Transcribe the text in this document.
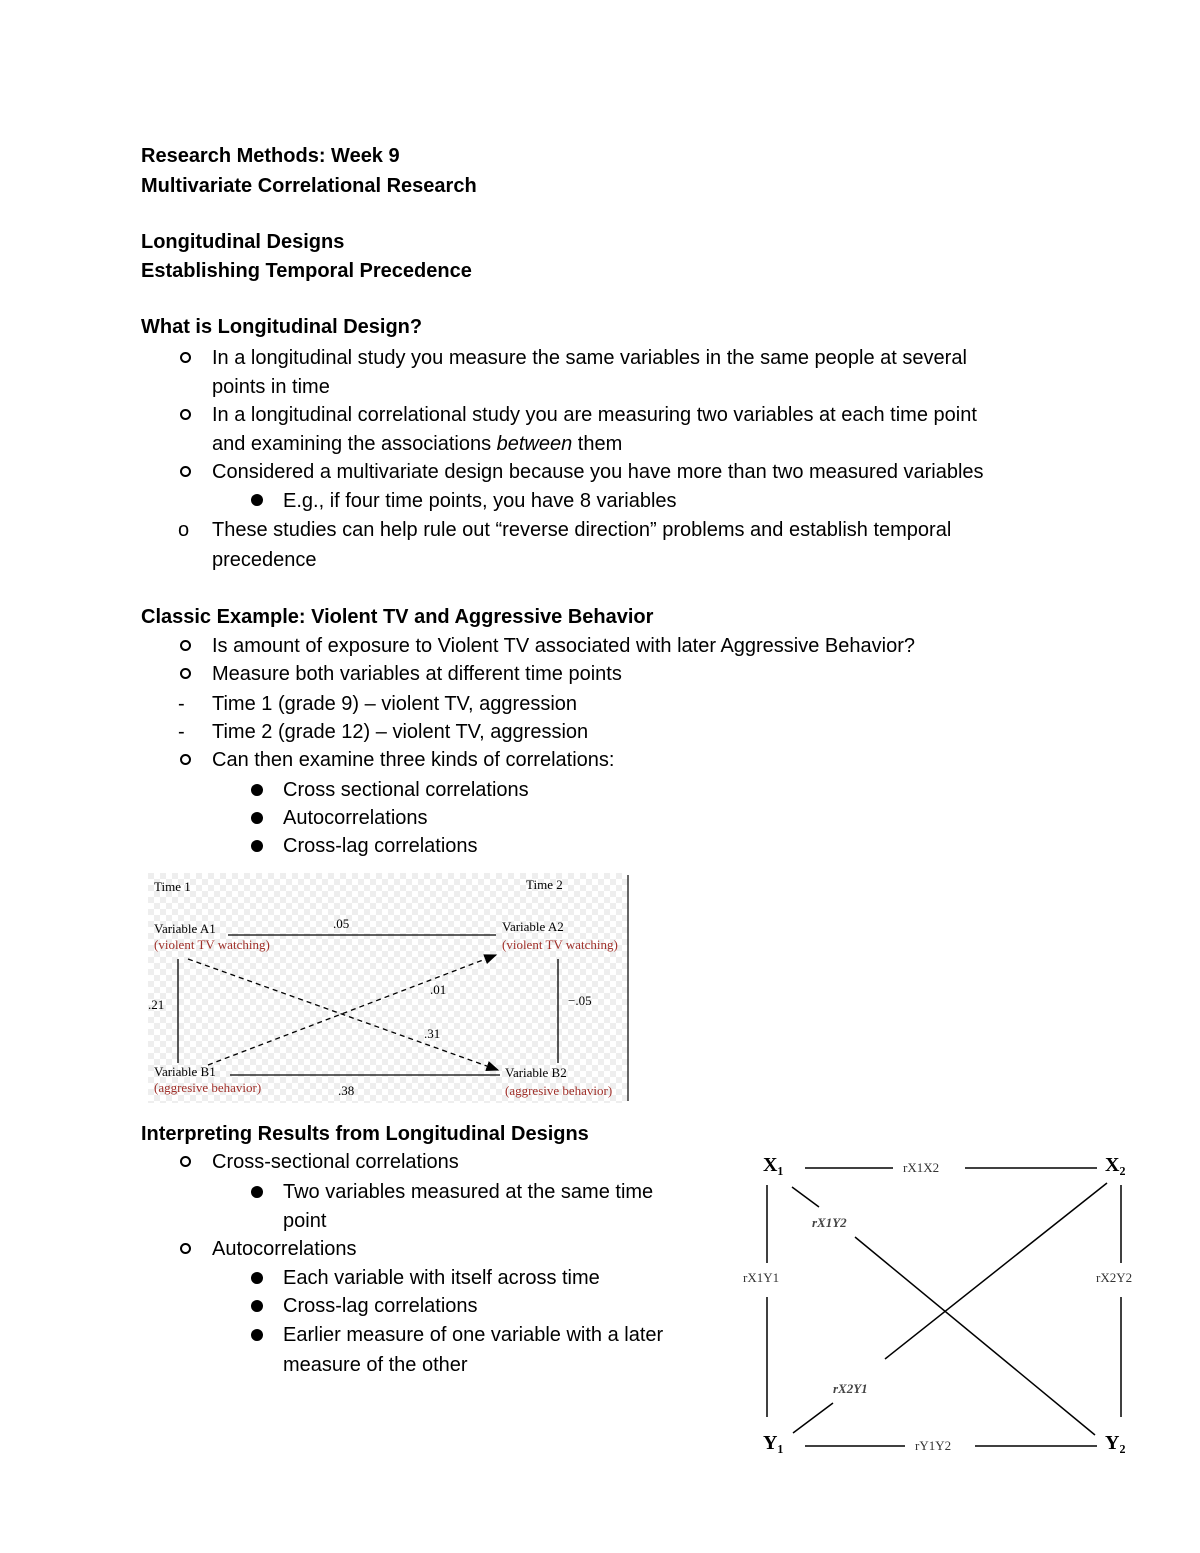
Research Methods: Week 9
Multivariate Correlational Research
Longitudinal Designs
Establishing Temporal Precedence
What is Longitudinal Design?
In a longitudinal study you measure the same variables in the same people at several
points in time
In a longitudinal correlational study you are measuring two variables at each time point
and examining the associations between them
Considered a multivariate design because you have more than two measured variables
E.g., if four time points, you have 8 variables
o These studies can help rule out “reverse direction” problems and establish temporal
precedence
Classic Example: Violent TV and Aggressive Behavior
Is amount of exposure to Violent TV associated with later Aggressive Behavior?
Measure both variables at different time points
- Time 1 (grade 9) – violent TV, aggression
- Time 2 (grade 12) – violent TV, aggression
Can then examine three kinds of correlations:
Cross sectional correlations
Autocorrelations
Cross-lag correlations
Time 1	Time 2
Variable A1
(violent TV watching)
Variable A2
(violent TV watching)
Variable B1
(aggresive behavior)
Variable B2
(aggresive behavior)
.05
.38
.21	−.05
.01
.31
Interpreting Results from Longitudinal Designs
Cross-sectional correlations
Two variables measured at the same time
point
Autocorrelations
Each variable with itself across time
Cross-lag correlations
Earlier measure of one variable with a later
measure of the other
X₁	X₂
Y₁	Y₂
rX1X2
rY1Y2
rX1Y1	rX2Y2
rX1Y2
rX2Y1
